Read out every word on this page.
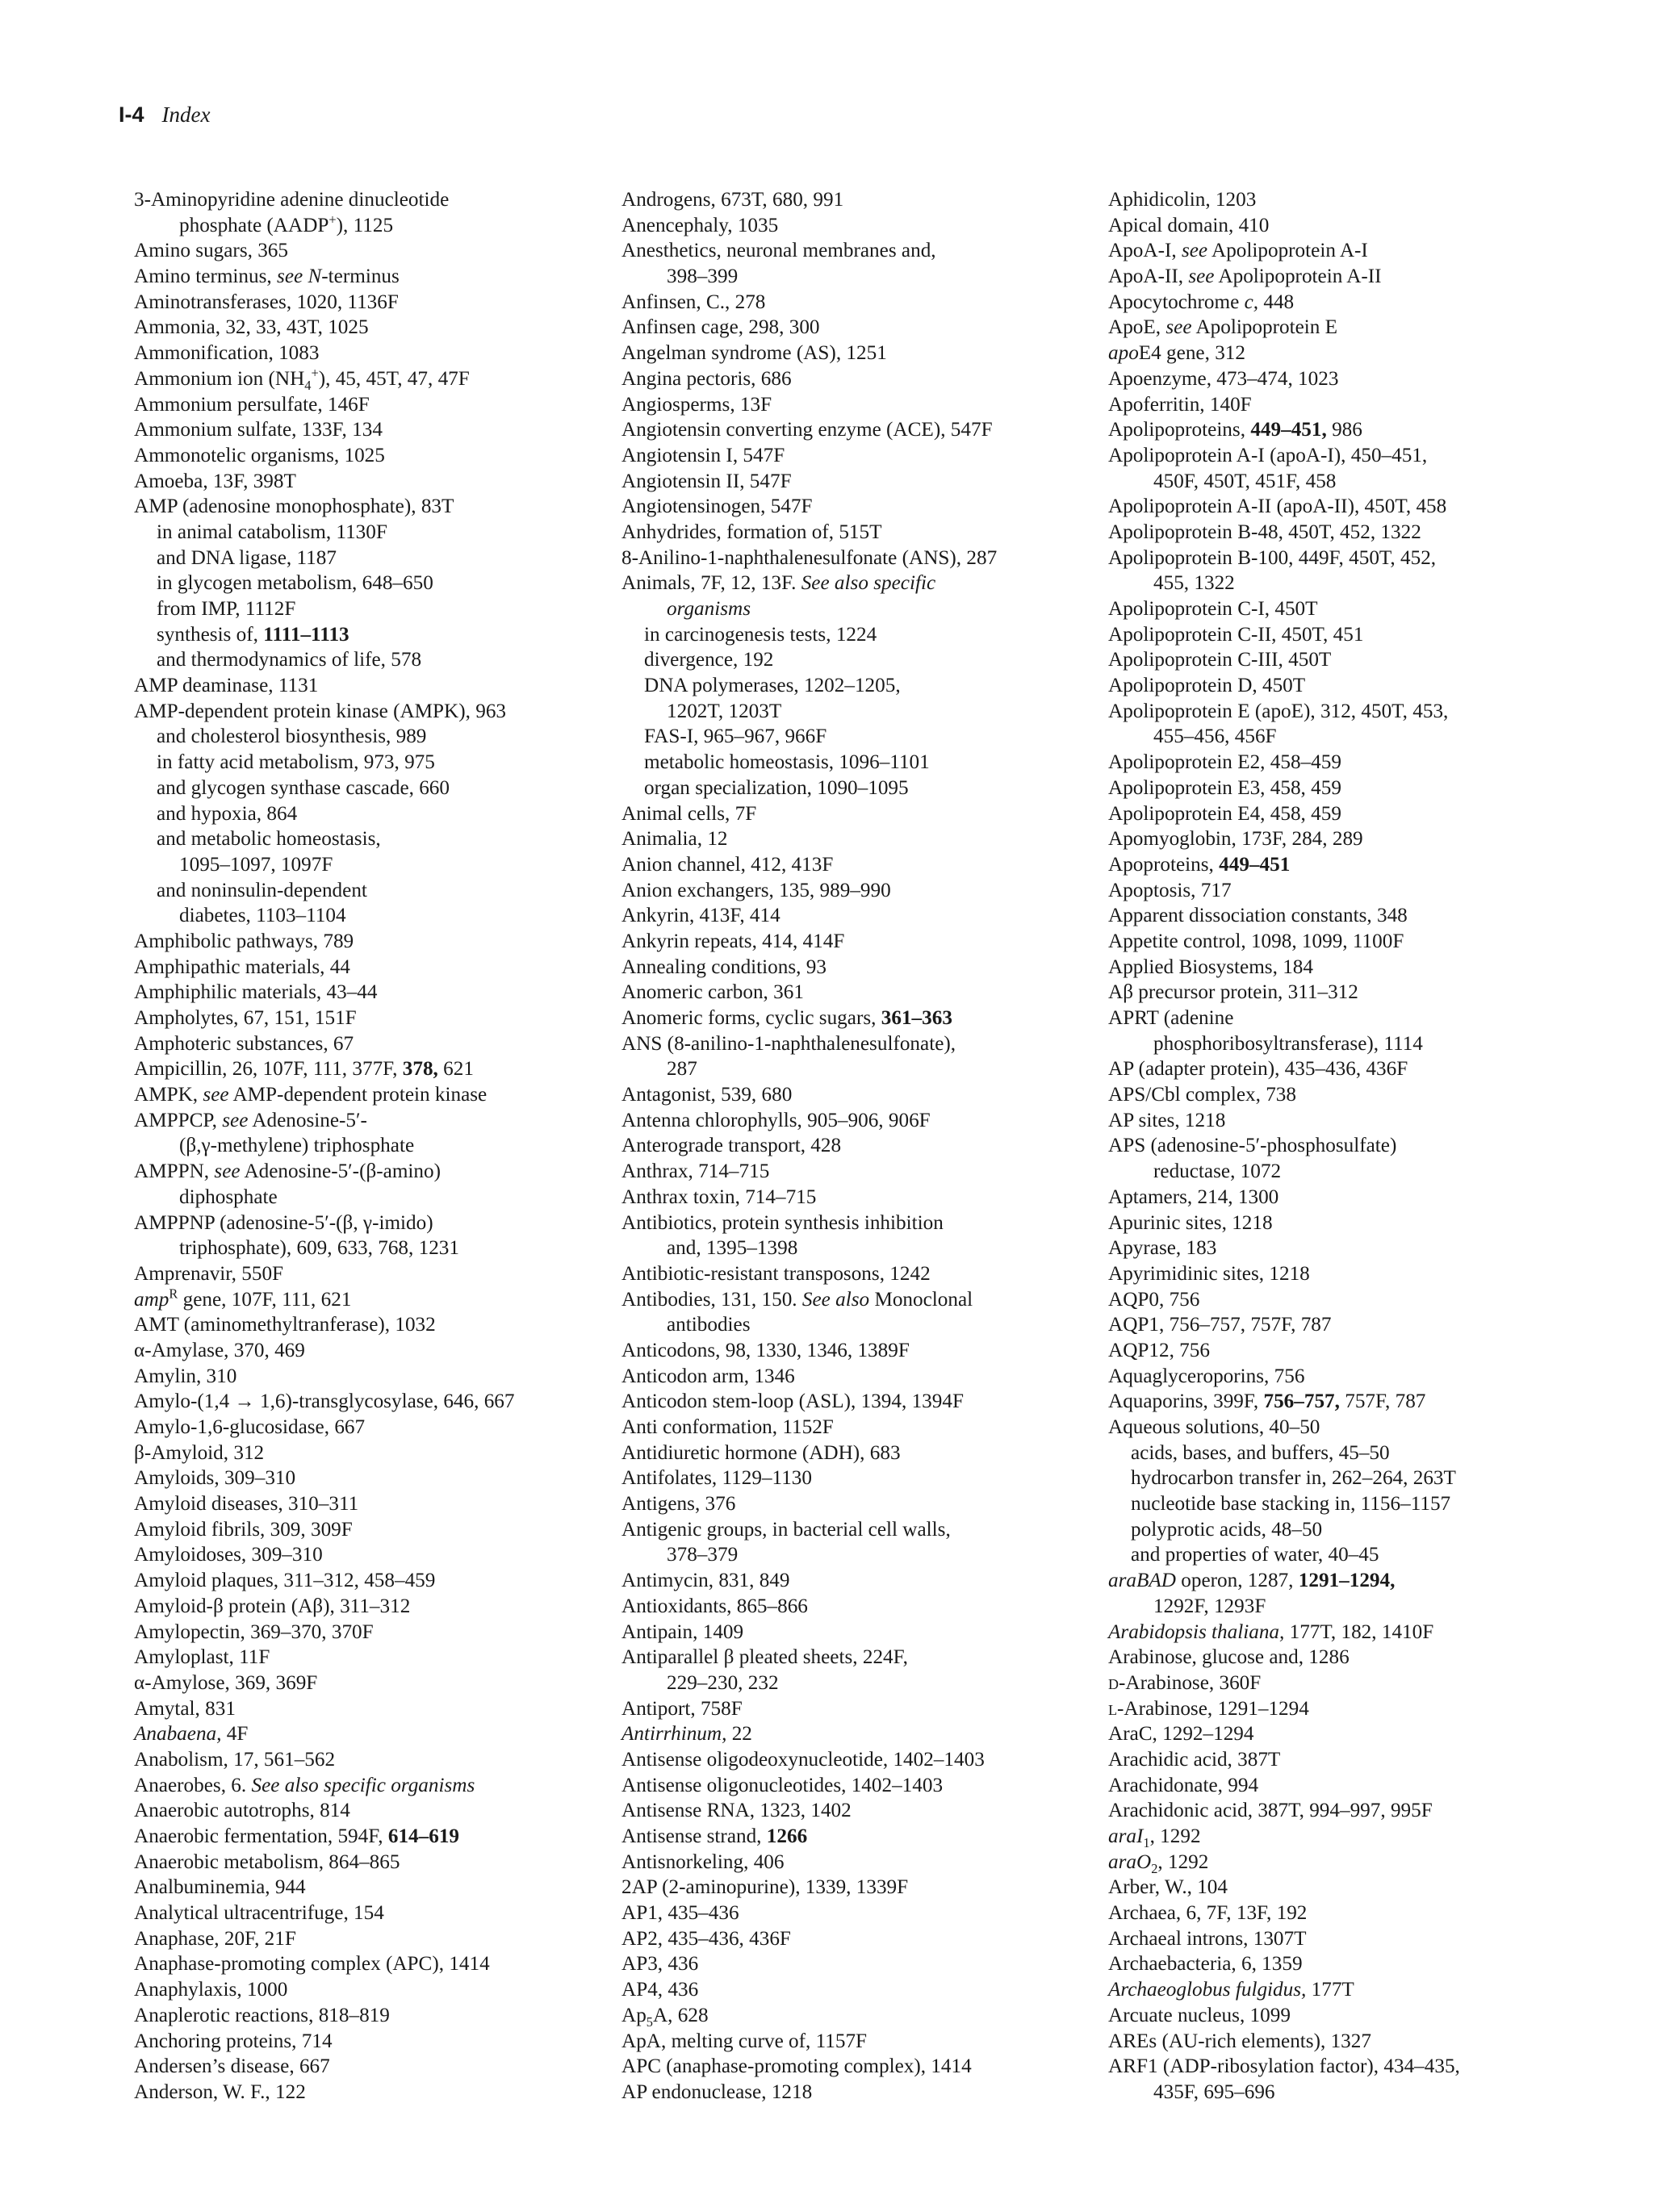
I-4 Index
3-Aminopyridine adenine dinucleotide
phosphate (AADP+), 1125
Amino sugars, 365
Amino terminus, see N-terminus
Aminotransferases, 1020, 1136F
Ammonia, 32, 33, 43T, 1025
Ammonification, 1083
Ammonium ion $(NH_4^+)$, 45, 45T, 47, 47F
Ammonium persulfate, 146F
Ammonium sulfate, 133F, 134
Ammonotelic organisms, 1025
Amoeba, 13F, 398T
AMP (adenosine monophosphate), 83T
in animal catabolism, 1130F
and DNA ligase, 1187
in glycogen metabolism, 648–650
from IMP, 1112F
synthesis of, 1111–1113
and thermodynamics of life, 578
AMP deaminase, 1131
AMP-dependent protein kinase (AMPK), 963
and cholesterol biosynthesis, 989
in fatty acid metabolism, 973, 975
and glycogen synthase cascade, 660
and hypoxia, 864
and metabolic homeostasis,
1095–1097, 1097F
and noninsulin-dependent
diabetes, 1103–1104
Amphibolic pathways, 789
Amphipathic materials, 44
Amphiphilic materials, 43–44
Ampholytes, 67, 151, 151F
Amphoteric substances, 67
Ampicillin, 26, 107F, 111, 377F, 378, 621
AMPK, see AMP-dependent protein kinase
AMPPCP, see Adenosine-5′-
(β,γ-methylene) triphosphate
AMPPN, see Adenosine-5′-(β-amino)
diphosphate
AMPPNP (adenosine-5′-(β, γ-imido)
triphosphate), 609, 633, 768, 1231
Amprenavir, 550F
amp$^R$ gene, 107F, 111, 621
AMT (aminomethyltranferase), 1032
α-Amylase, 370, 469
Amylin, 310
Amylo-(1,4 → 1,6)-transglycosylase, 646, 667
Amylo-1,6-glucosidase, 667
β-Amyloid, 312
Amyloids, 309–310
Amyloid diseases, 310–311
Amyloid fibrils, 309, 309F
Amyloidoses, 309–310
Amyloid plaques, 311–312, 458–459
Amyloid-β protein (Aβ), 311–312
Amylopectin, 369–370, 370F
Amyloplast, 11F
α-Amylose, 369, 369F
Amytal, 831
Anabaena, 4F
Anabolism, 17, 561–562
Anaerobes, 6. See also specific organisms
Anaerobic autotrophs, 814
Anaerobic fermentation, 594F, 614–619
Anaerobic metabolism, 864–865
Analbuminemia, 944
Analytical ultracentrifuge, 154
Anaphase, 20F, 21F
Anaphase-promoting complex (APC), 1414
Anaphylaxis, 1000
Anaplerotic reactions, 818–819
Anchoring proteins, 714
Andersen’s disease, 667
Anderson, W. F., 122
Androgens, 673T, 680, 991
Anencephaly, 1035
Anesthetics, neuronal membranes and,
398–399
Anfinsen, C., 278
Anfinsen cage, 298, 300
Angelman syndrome (AS), 1251
Angina pectoris, 686
Angiosperms, 13F
Angiotensin converting enzyme (ACE), 547F
Angiotensin I, 547F
Angiotensin II, 547F
Angiotensinogen, 547F
Anhydrides, formation of, 515T
8-Anilino-1-naphthalenesulfonate (ANS), 287
Animals, 7F, 12, 13F. See also specific
organisms
in carcinogenesis tests, 1224
divergence, 192
DNA polymerases, 1202–1205,
1202T, 1203T
FAS-I, 965–967, 966F
metabolic homeostasis, 1096–1101
organ specialization, 1090–1095
Animal cells, 7F
Animalia, 12
Anion channel, 412, 413F
Anion exchangers, 135, 989–990
Ankyrin, 413F, 414
Ankyrin repeats, 414, 414F
Annealing conditions, 93
Anomeric carbon, 361
Anomeric forms, cyclic sugars, 361–363
ANS (8-anilino-1-naphthalenesulfonate),
287
Antagonist, 539, 680
Antenna chlorophylls, 905–906, 906F
Anterograde transport, 428
Anthrax, 714–715
Anthrax toxin, 714–715
Antibiotics, protein synthesis inhibition
and, 1395–1398
Antibiotic-resistant transposons, 1242
Antibodies, 131, 150. See also Monoclonal
antibodies
Anticodons, 98, 1330, 1346, 1389F
Anticodon arm, 1346
Anticodon stem-loop (ASL), 1394, 1394F
Anti conformation, 1152F
Antidiuretic hormone (ADH), 683
Antifolates, 1129–1130
Antigens, 376
Antigenic groups, in bacterial cell walls,
378–379
Antimycin, 831, 849
Antioxidants, 865–866
Antipain, 1409
Antiparallel β pleated sheets, 224F,
229–230, 232
Antiport, 758F
Antirrhinum, 22
Antisense oligodeoxynucleotide, 1402–1403
Antisense oligonucleotides, 1402–1403
Antisense RNA, 1323, 1402
Antisense strand, 1266
Antisnorkeling, 406
2AP (2-aminopurine), 1339, 1339F
AP1, 435–436
AP2, 435–436, 436F
AP3, 436
AP4, 436
$Ap_5A$, 628
ApA, melting curve of, 1157F
APC (anaphase-promoting complex), 1414
AP endonuclease, 1218
Aphidicolin, 1203
Apical domain, 410
ApoA-I, see Apolipoprotein A-I
ApoA-II, see Apolipoprotein A-II
Apocytochrome c, 448
ApoE, see Apolipoprotein E
apoE4 gene, 312
Apoenzyme, 473–474, 1023
Apoferritin, 140F
Apolipoproteins, 449–451, 986
Apolipoprotein A-I (apoA-I), 450–451,
450F, 450T, 451F, 458
Apolipoprotein A-II (apoA-II), 450T, 458
Apolipoprotein B-48, 450T, 452, 1322
Apolipoprotein B-100, 449F, 450T, 452,
455, 1322
Apolipoprotein C-I, 450T
Apolipoprotein C-II, 450T, 451
Apolipoprotein C-III, 450T
Apolipoprotein D, 450T
Apolipoprotein E (apoE), 312, 450T, 453,
455–456, 456F
Apolipoprotein E2, 458–459
Apolipoprotein E3, 458, 459
Apolipoprotein E4, 458, 459
Apomyoglobin, 173F, 284, 289
Apoproteins, 449–451
Apoptosis, 717
Apparent dissociation constants, 348
Appetite control, 1098, 1099, 1100F
Applied Biosystems, 184
Aβ precursor protein, 311–312
APRT (adenine
phosphoribosyltransferase), 1114
AP (adapter protein), 435–436, 436F
APS/Cbl complex, 738
AP sites, 1218
APS (adenosine-5′-phosphosulfate)
reductase, 1072
Aptamers, 214, 1300
Apurinic sites, 1218
Apyrase, 183
Apyrimidinic sites, 1218
AQP0, 756
AQP1, 756–757, 757F, 787
AQP12, 756
Aquaglyceroporins, 756
Aquaporins, 399F, 756–757, 757F, 787
Aqueous solutions, 40–50
acids, bases, and buffers, 45–50
hydrocarbon transfer in, 262–264, 263T
nucleotide base stacking in, 1156–1157
polyprotic acids, 48–50
and properties of water, 40–45
araBAD operon, 1287, 1291–1294,
1292F, 1293F
Arabidopsis thaliana, 177T, 182, 1410F
Arabinose, glucose and, 1286
d-Arabinose, 360F
l-Arabinose, 1291–1294
AraC, 1292–1294
Arachidic acid, 387T
Arachidonate, 994
Arachidonic acid, 387T, 994–997, 995F
araI$_1$, 1292
araO$_2$, 1292
Arber, W., 104
Archaea, 6, 7F, 13F, 192
Archaeal introns, 1307T
Archaebacteria, 6, 1359
Archaeoglobus fulgidus, 177T
Arcuate nucleus, 1099
AREs (AU-rich elements), 1327
ARF1 (ADP-ribosylation factor), 434–435,
435F, 695–696
